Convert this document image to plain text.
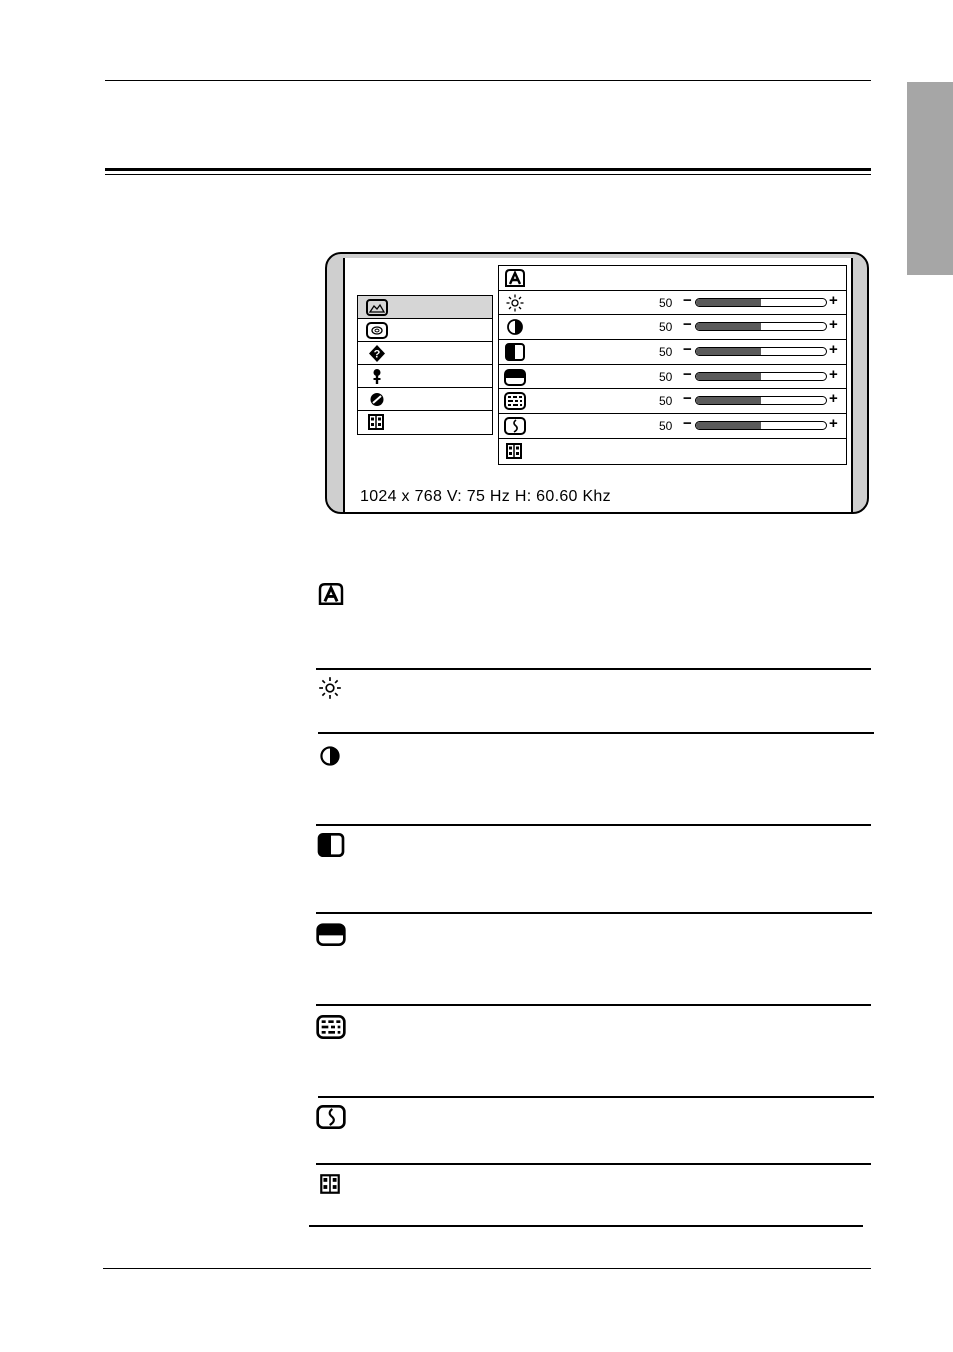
?
50 −	+
50 −	+
50 −	+
50 −	+
50 −	+
50 −	+
1024 x 768 V: 75 Hz H: 60.60 Khz
